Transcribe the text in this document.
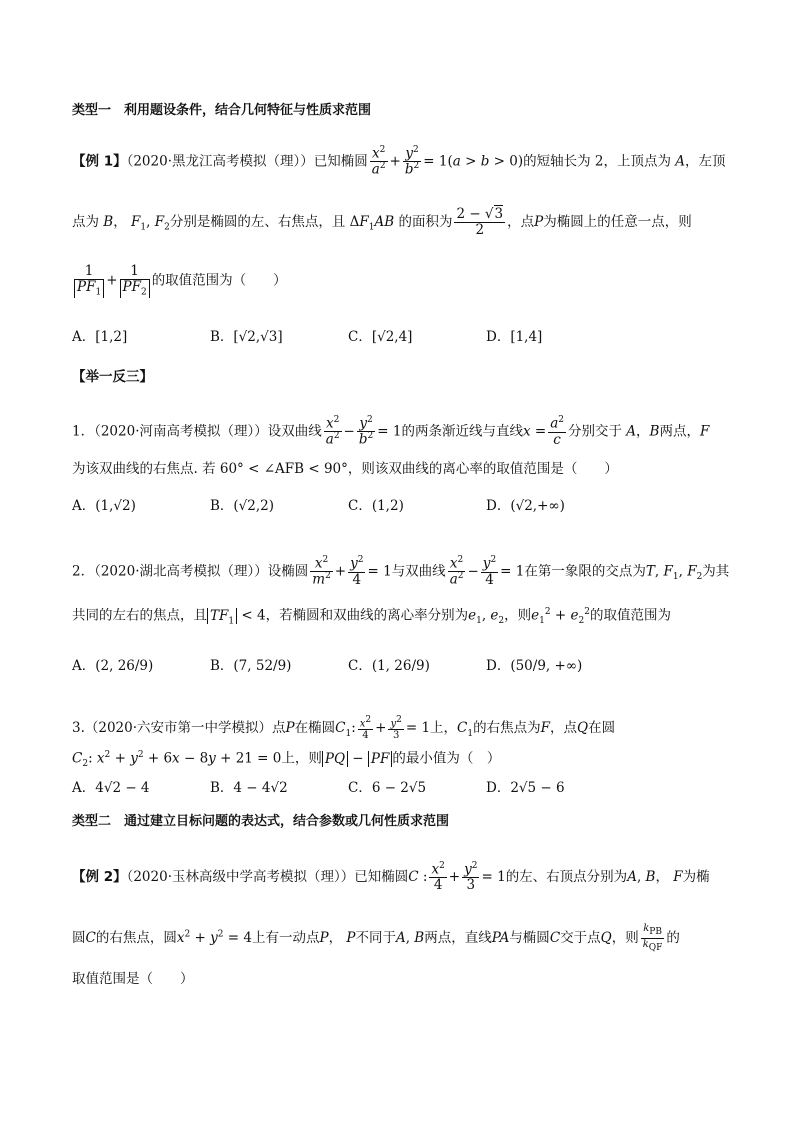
类型一　利用题设条件，结合几何特征与性质求范围
【例 1】（2020·黑龙江高考模拟（理））已知椭圆 $\frac{x^2}{a^2} + \frac{y^2}{b^2} = 1(a > b > 0)$的短轴长为 2，上顶点为 A，左顶
点为 B， $F_1$, $F_2$分别是椭圆的左、右焦点，且 $\Delta F_1AB$ 的面积为 $\frac{2 - √3}{2}$ ，点P为椭圆上的任意一点，则
$\frac{1}{PF_1} + \frac{1}{PF_2}$ 的取值范围为（　　）
A．[1,2]	B．[√2,√3]	C．[√2,4]	D．[1,4]
【举一反三】
1．（2020·河南高考模拟（理））设双曲线 $\frac{x^2}{a^2} - \frac{y^2}{b^2} = 1$的两条渐近线与直线$x = \frac{a^2}{c}$ 分别交于 A，B两点，F
为该双曲线的右焦点. 若 60° < ∠AFB < 90°，则该双曲线的离心率的取值范围是（　　）
A．(1,√2)	B．(√2,2)	C．(1,2)	D．(√2,+∞)
2．（2020·湖北高考模拟（理））设椭圆 $\frac{x^2}{m^2} + \frac{y^2}{4} = 1$与双曲线 $\frac{x^2}{a^2} - \frac{y^2}{4} = 1$在第一象限的交点为T, $F_1$, $F_2$为其
共同的左右的焦点，且 $TF_1 < 4$，若椭圆和双曲线的离心率分别为$e_1$, $e_2$，则$e_1^2 + e_2^2$的取值范围为
A．(2, 26/9)	B．(7, 52/9)	C．(1, 26/9)	D．(50/9, +∞)
3.（2020·六安市第一中学模拟）点P在椭圆$C_1$: $\frac{x^2}{4} + \frac{y^2}{3} = 1$上，$C_1$的右焦点为F，点Q在圆
$C_2$: $x^2 + y^2 + 6x - 8y + 21 = 0$上，则 PQ − PF 的最小值为（　）
A．4√2 − 4	B．4 − 4√2	C．6 − 2√5	D．2√5 − 6
类型二　通过建立目标问题的表达式，结合参数或几何性质求范围
【例 2】（2020·玉林高级中学高考模拟（理））已知椭圆C : $\frac{x^2}{4} + \frac{y^2}{3} = 1$的左、右顶点分别为A, B， F为椭
圆C的右焦点，圆$x^2 + y^2 = 4$上有一动点P， P不同于A, B两点，直线PA与椭圆C交于点Q，则 $\frac{k_{PB}}{k_{QF}}$ 的
取值范围是（　　）
